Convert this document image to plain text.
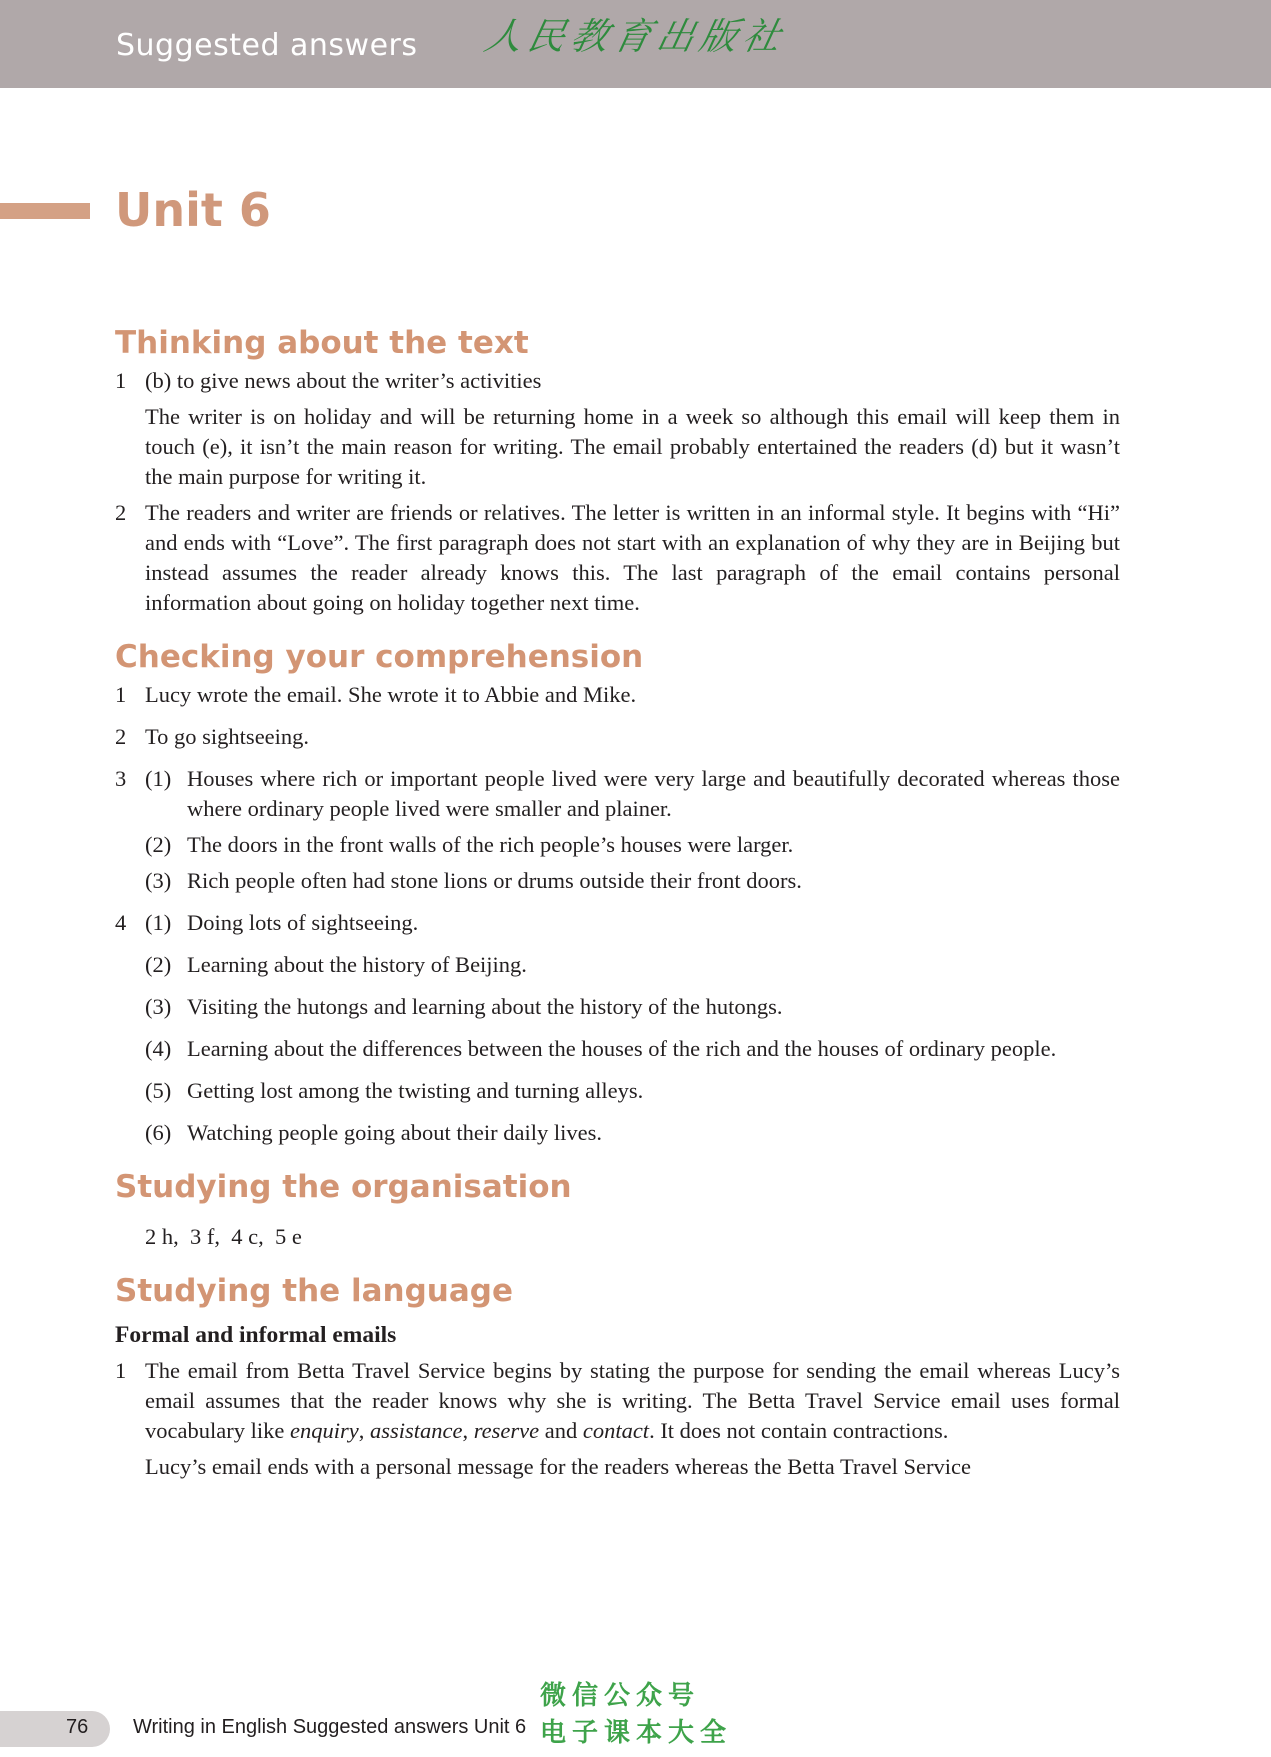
Suggested answers 人民教育出版社
Unit 6
Thinking about the text
1 (b) to give news about the writer’s activities
The writer is on holiday and will be returning home in a week so although this email will keep them in touch (e), it isn’t the main reason for writing. The email probably entertained the readers (d) but it wasn’t the main purpose for writing it.
2 The readers and writer are friends or relatives. The letter is written in an informal style. It begins with “Hi” and ends with “Love”. The first paragraph does not start with an explanation of why they are in Beijing but instead assumes the reader already knows this. The last paragraph of the email contains personal information about going on holiday together next time.
Checking your comprehension
1 Lucy wrote the email. She wrote it to Abbie and Mike.
2 To go sightseeing.
3 (1) Houses where rich or important people lived were very large and beautifully decorated whereas those where ordinary people lived were smaller and plainer.
(2) The doors in the front walls of the rich people’s houses were larger.
(3) Rich people often had stone lions or drums outside their front doors.
4 (1) Doing lots of sightseeing.
(2) Learning about the history of Beijing.
(3) Visiting the hutongs and learning about the history of the hutongs.
(4) Learning about the differences between the houses of the rich and the houses of ordinary people.
(5) Getting lost among the twisting and turning alleys.
(6) Watching people going about their daily lives.
Studying the organisation
2 h,  3 f,  4 c,  5 e
Studying the language
Formal and informal emails
1 The email from Betta Travel Service begins by stating the purpose for sending the email whereas Lucy’s email assumes that the reader knows why she is writing. The Betta Travel Service email uses formal vocabulary like enquiry, assistance, reserve and contact. It does not contain contractions.
Lucy’s email ends with a personal message for the readers whereas the Betta Travel Service
微信公众号
76 Writing in English Suggested answers Unit 6 电子课本大全
